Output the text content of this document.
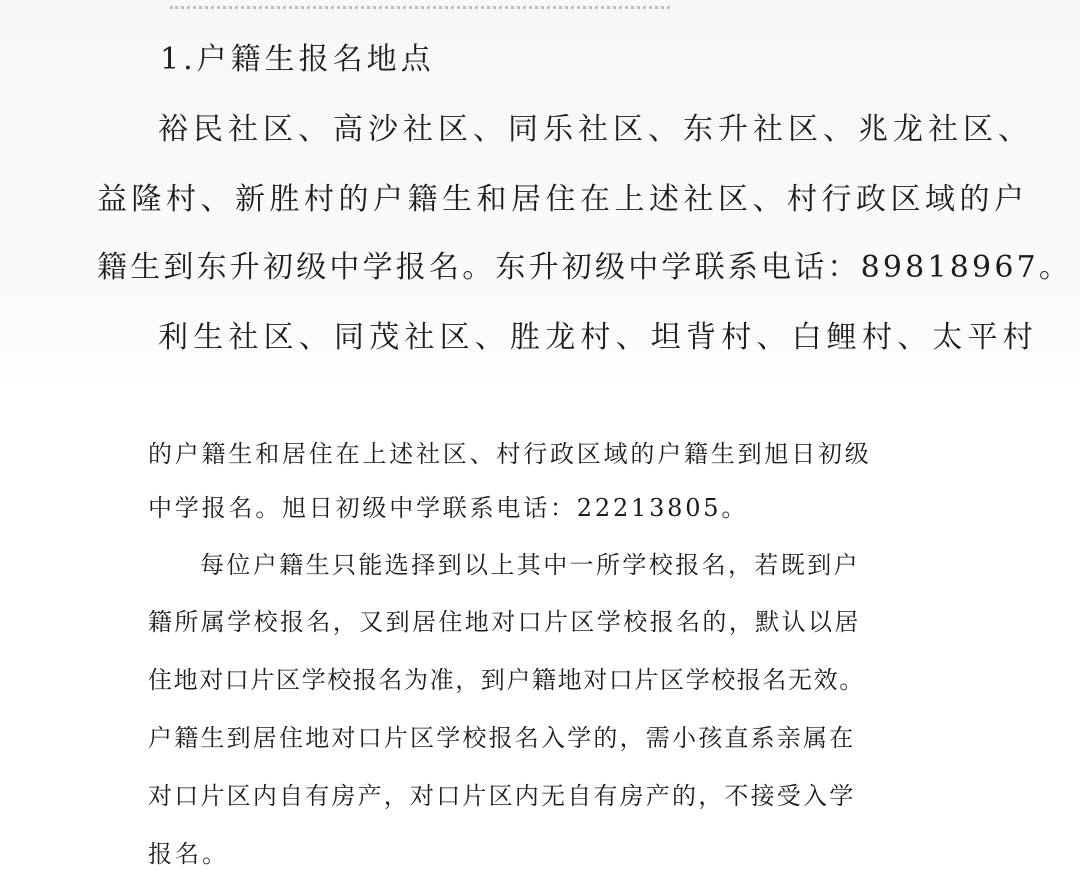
1.户籍生报名地点
裕民社区、高沙社区、同乐社区、东升社区、兆龙社区、
益隆村、新胜村的户籍生和居住在上述社区、村行政区域的户
籍生到东升初级中学报名。东升初级中学联系电话：89818967。
利生社区、同茂社区、胜龙村、坦背村、白鲤村、太平村
的户籍生和居住在上述社区、村行政区域的户籍生到旭日初级
中学报名。旭日初级中学联系电话：22213805。
每位户籍生只能选择到以上其中一所学校报名，若既到户
籍所属学校报名，又到居住地对口片区学校报名的，默认以居
住地对口片区学校报名为准，到户籍地对口片区学校报名无效。
户籍生到居住地对口片区学校报名入学的，需小孩直系亲属在
对口片区内自有房产，对口片区内无自有房产的，不接受入学
报名。
